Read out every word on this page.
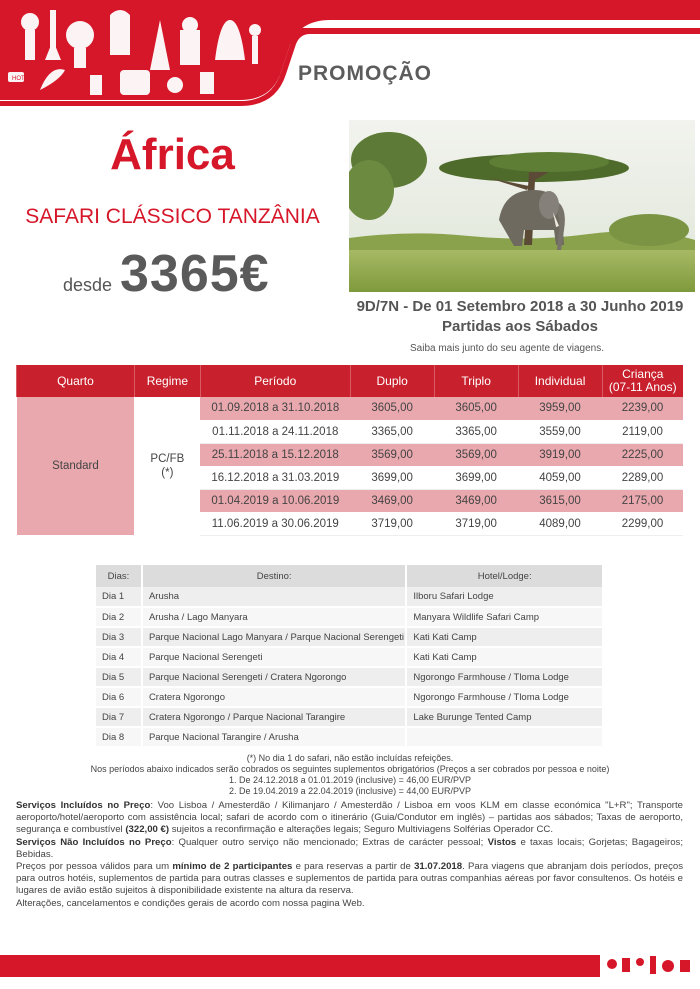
HOTEL	PROMOÇÃO
África
SAFARI CLÁSSICO TANZÂNIA
desde 3365€
9D/7N - De 01 Setembro 2018 a 30 Junho 2019
Partidas aos Sábados
Saiba mais junto do seu agente de viagens.
Quarto	Regime	Período	Duplo	Triplo	Individual	Criança
(07-11 Anos)
Standard	PC/FB
(*)	01.09.2018 a 31.10.2018	3605,00	3605,00	3959,00	2239,00
		01.11.2018 a 24.11.2018	3365,00	3365,00	3559,00	2119,00
		25.11.2018 a 15.12.2018	3569,00	3569,00	3919,00	2225,00
		16.12.2018 a 31.03.2019	3699,00	3699,00	4059,00	2289,00
		01.04.2019 a 10.06.2019	3469,00	3469,00	3615,00	2175,00
		11.06.2019 a 30.06.2019	3719,00	3719,00	4089,00	2299,00
Dias:	Destino:	Hotel/Lodge:
Dia 1	Arusha	Ilboru Safari Lodge
Dia 2	Arusha / Lago Manyara	Manyara Wildlife Safari Camp
Dia 3	Parque Nacional Lago Manyara / Parque Nacional Serengeti	Kati Kati Camp
Dia 4	Parque Nacional Serengeti	Kati Kati Camp
Dia 5	Parque Nacional Serengeti / Cratera Ngorongo	Ngorongo Farmhouse / Tloma Lodge
Dia 6	Cratera Ngorongo	Ngorongo Farmhouse / Tloma Lodge
Dia 7	Cratera Ngorongo / Parque Nacional Tarangire	Lake Burunge Tented Camp
Dia 8	Parque Nacional Tarangire / Arusha	
(*) No dia 1 do safari, não estão incluídas refeições.
Nos períodos abaixo indicados serão cobrados os seguintes suplementos obrigatórios (Preços a ser cobrados por pessoa e noite)
1. De 24.12.2018 a 01.01.2019 (inclusive) = 46,00 EUR/PVP
2. De 19.04.2019 a 22.04.2019 (inclusive) = 44,00 EUR/PVP
Serviços Incluídos no Preço: Voo Lisboa / Amesterdão / Kilimanjaro / Amesterdão / Lisboa em voos KLM em classe económica "L+R"; Transporte aeroporto/hotel/aeroporto com assistência local; safari de acordo com o itinerário (Guia/Condutor em inglês) – partidas aos sábados; Taxas de aeroporto, segurança e combustível (322,00 €) sujeitos a reconfirmação e alterações legais; Seguro Multiviagens Solférias Operador CC.
Serviços Não Incluídos no Preço: Qualquer outro serviço não mencionado; Extras de carácter pessoal; Vistos e taxas locais; Gorjetas; Bagageiros; Bebidas.
Preços por pessoa válidos para um mínimo de 2 participantes e para reservas a partir de 31.07.2018. Para viagens que abranjam dois períodos, preços para outros hotéis, suplementos de partida para outras classes e suplementos de partida para outras companhias aéreas por favor consultenos. Os hotéis e lugares de avião estão sujeitos à disponibilidade existente na altura da reserva.
Alterações, cancelamentos e condições gerais de acordo com nossa pagina Web.
